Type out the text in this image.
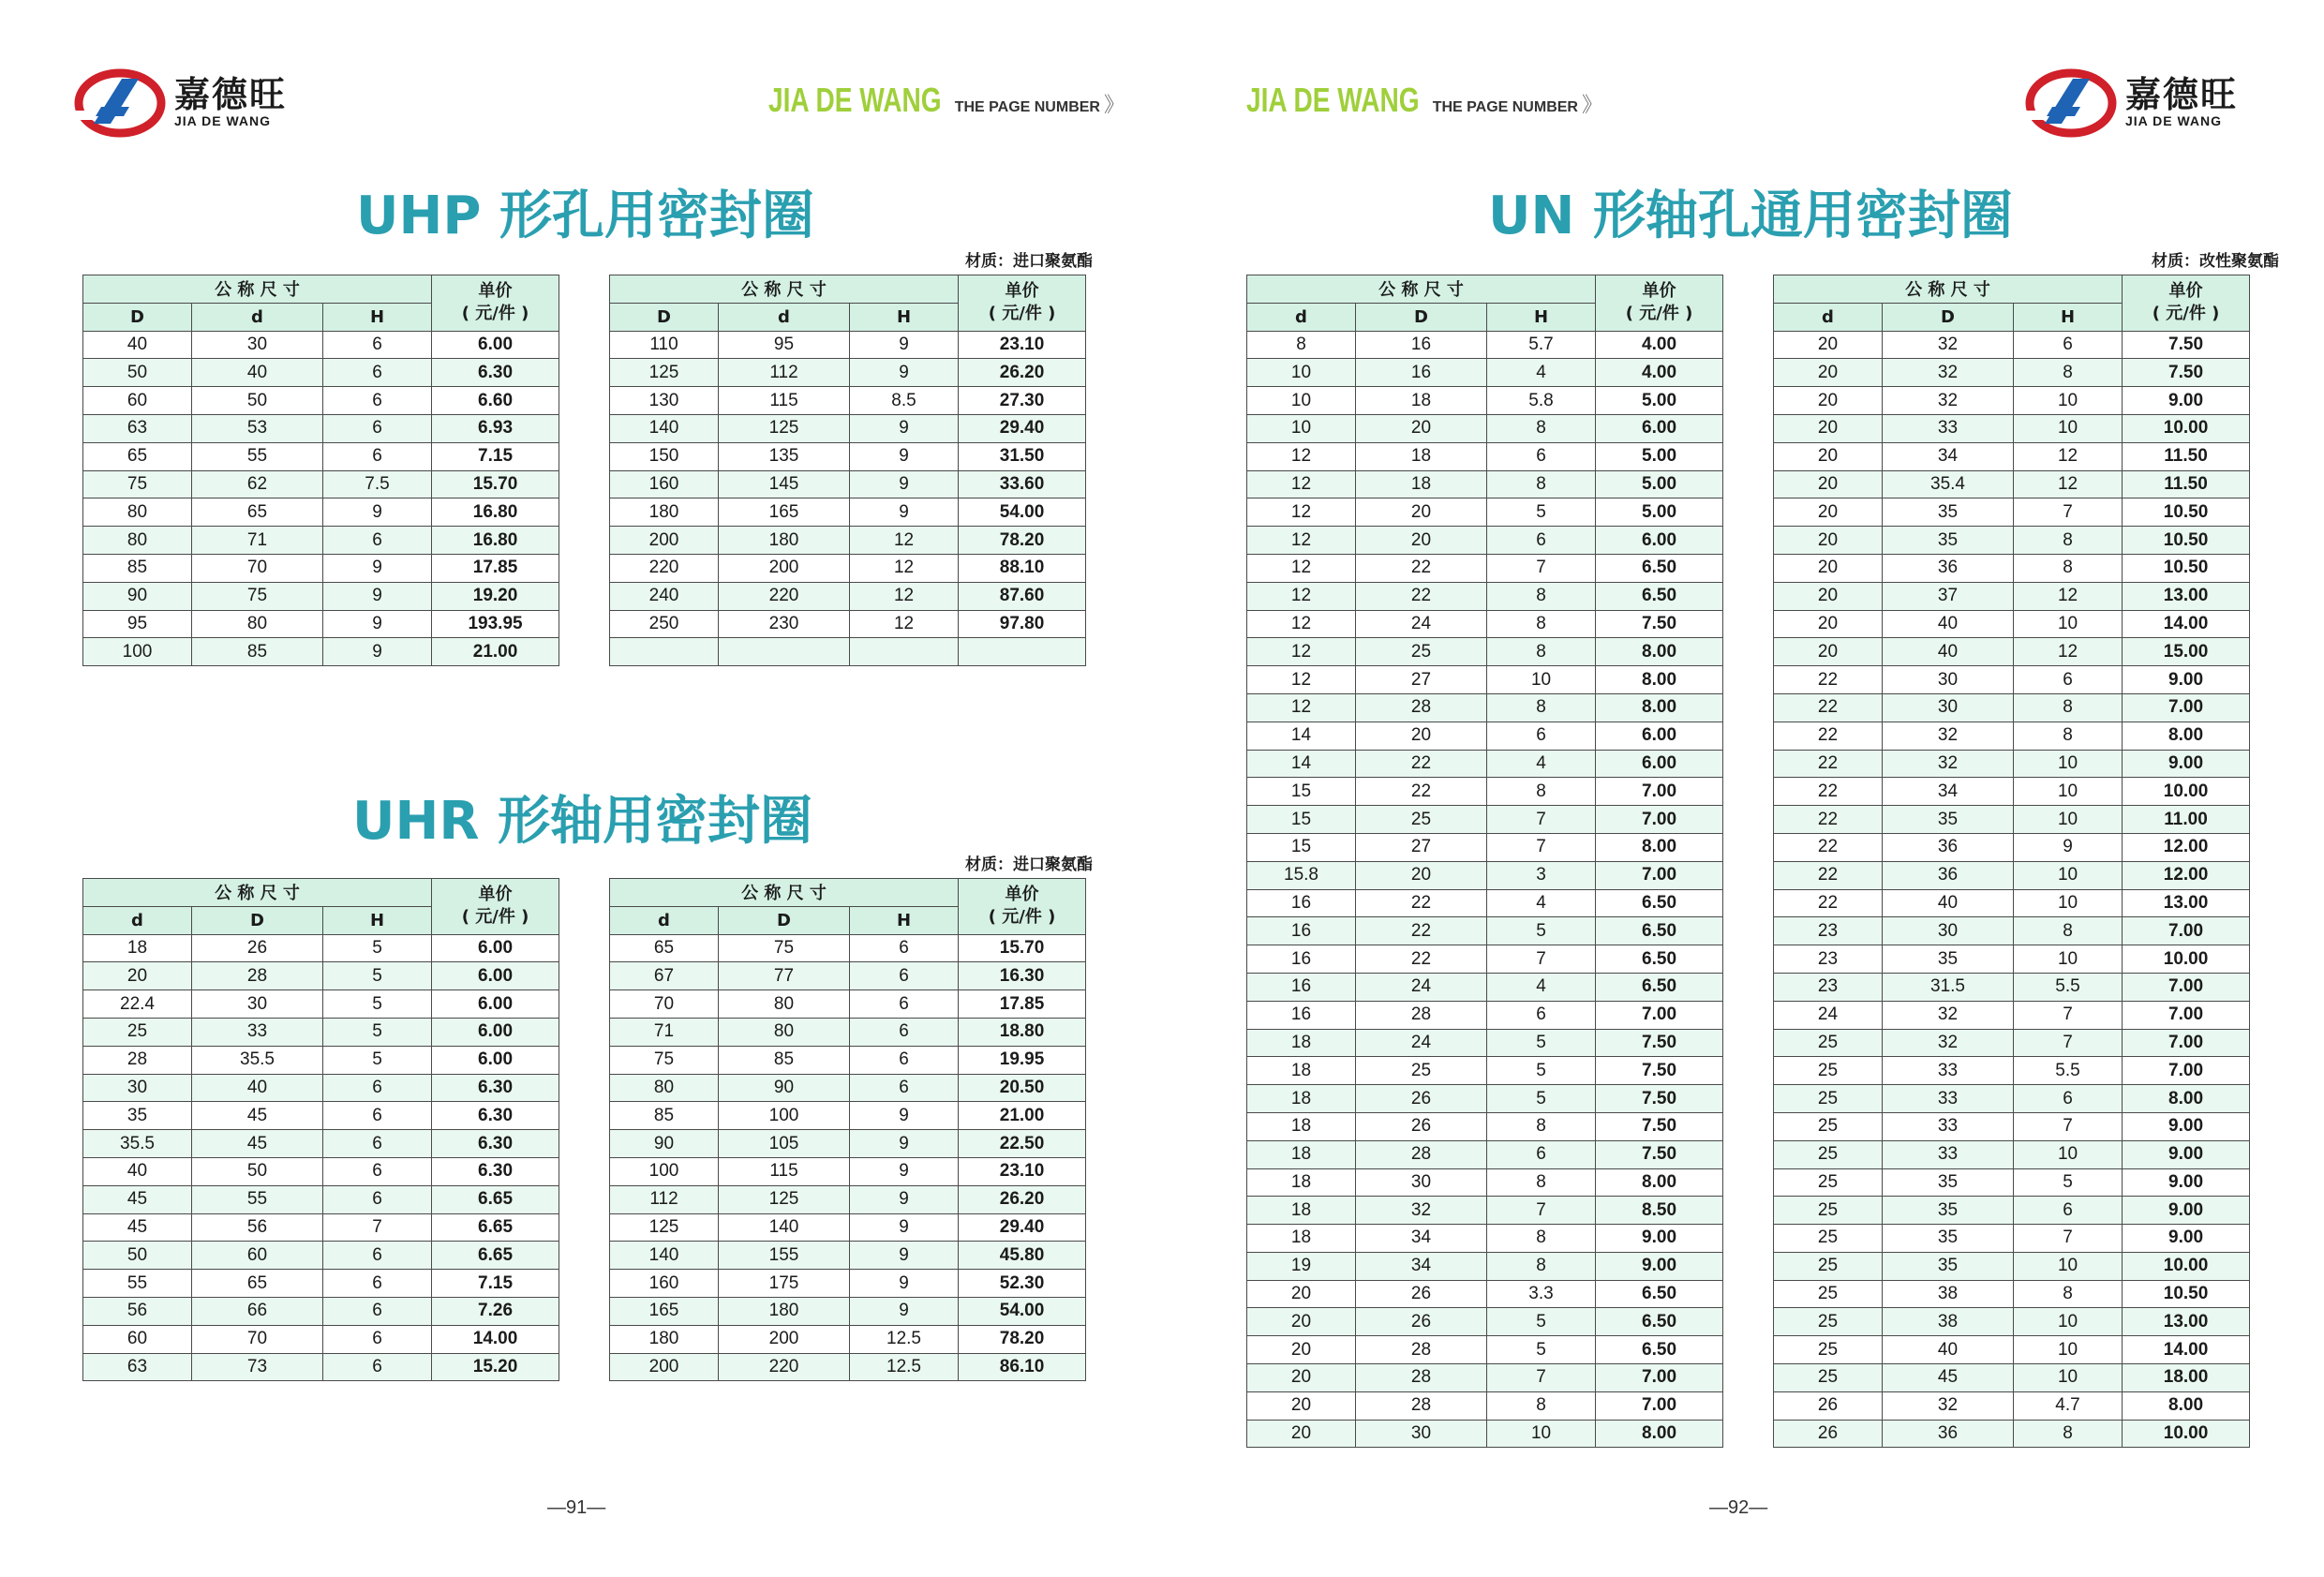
嘉德旺
JIA DE WANG
JIA DE WANG THE PAGE NUMBER 》
UHP 形孔用密封圈
材质：进口聚氨酯
公 称 尺 寸			单价
( 元/件 )

D	d	H	
40	30	6	6.00
50	40	6	6.30
60	50	6	6.60
63	53	6	6.93
65	55	6	7.15
75	62	7.5	15.70
80	65	9	16.80
80	71	6	16.80
85	70	9	17.85
90	75	9	19.20
95	80	9	193.95
100	85	9	21.00
公 称 尺 寸			单价
( 元/件 )

D	d	H	
110	95	9	23.10
125	112	9	26.20
130	115	8.5	27.30
140	125	9	29.40
150	135	9	31.50
160	145	9	33.60
180	165	9	54.00
200	180	12	78.20
220	200	12	88.10
240	220	12	87.60
250	230	12	97.80

UHR 形轴用密封圈
材质：进口聚氨酯
公 称 尺 寸			单价
( 元/件 )

d	D	H	
18	26	5	6.00
20	28	5	6.00
22.4	30	5	6.00
25	33	5	6.00
28	35.5	5	6.00
30	40	6	6.30
35	45	6	6.30
35.5	45	6	6.30
40	50	6	6.30
45	55	6	6.65
45	56	7	6.65
50	60	6	6.65
55	65	6	7.15
56	66	6	7.26
60	70	6	14.00
63	73	6	15.20
公 称 尺 寸			单价
( 元/件 )

d	D	H	
65	75	6	15.70
67	77	6	16.30
70	80	6	17.85
71	80	6	18.80
75	85	6	19.95
80	90	6	20.50
85	100	9	21.00
90	105	9	22.50
100	115	9	23.10
112	125	9	26.20
125	140	9	29.40
140	155	9	45.80
160	175	9	52.30
165	180	9	54.00
180	200	12.5	78.20
200	220	12.5	86.10
—91—
JIA DE WANG THE PAGE NUMBER 》	嘉德旺
JIA DE WANG
UN 形轴孔通用密封圈
材质：改性聚氨酯
公 称 尺 寸			单价
( 元/件 )

d	D	H	
8	16	5.7	4.00
10	16	4	4.00
10	18	5.8	5.00
10	20	8	6.00
12	18	6	5.00
12	18	8	5.00
12	20	5	5.00
12	20	6	6.00
12	22	7	6.50
12	22	8	6.50
12	24	8	7.50
12	25	8	8.00
12	27	10	8.00
12	28	8	8.00
14	20	6	6.00
14	22	4	6.00
15	22	8	7.00
15	25	7	7.00
15	27	7	8.00
15.8	20	3	7.00
16	22	4	6.50
16	22	5	6.50
16	22	7	6.50
16	24	4	6.50
16	28	6	7.00
18	24	5	7.50
18	25	5	7.50
18	26	5	7.50
18	26	8	7.50
18	28	6	7.50
18	30	8	8.00
18	32	7	8.50
18	34	8	9.00
19	34	8	9.00
20	26	3.3	6.50
20	26	5	6.50
20	28	5	6.50
20	28	7	7.00
20	28	8	7.00
20	30	10	8.00
公 称 尺 寸			单价
( 元/件 )

d	D	H	
20	32	6	7.50
20	32	8	7.50
20	32	10	9.00
20	33	10	10.00
20	34	12	11.50
20	35.4	12	11.50
20	35	7	10.50
20	35	8	10.50
20	36	8	10.50
20	37	12	13.00
20	40	10	14.00
20	40	12	15.00
22	30	6	9.00
22	30	8	7.00
22	32	8	8.00
22	32	10	9.00
22	34	10	10.00
22	35	10	11.00
22	36	9	12.00
22	36	10	12.00
22	40	10	13.00
23	30	8	7.00
23	35	10	10.00
23	31.5	5.5	7.00
24	32	7	7.00
25	32	7	7.00
25	33	5.5	7.00
25	33	6	8.00
25	33	7	9.00
25	33	10	9.00
25	35	5	9.00
25	35	6	9.00
25	35	7	9.00
25	35	10	10.00
25	38	8	10.50
25	38	10	13.00
25	40	10	14.00
25	45	10	18.00
26	32	4.7	8.00
26	36	8	10.00
—92—
